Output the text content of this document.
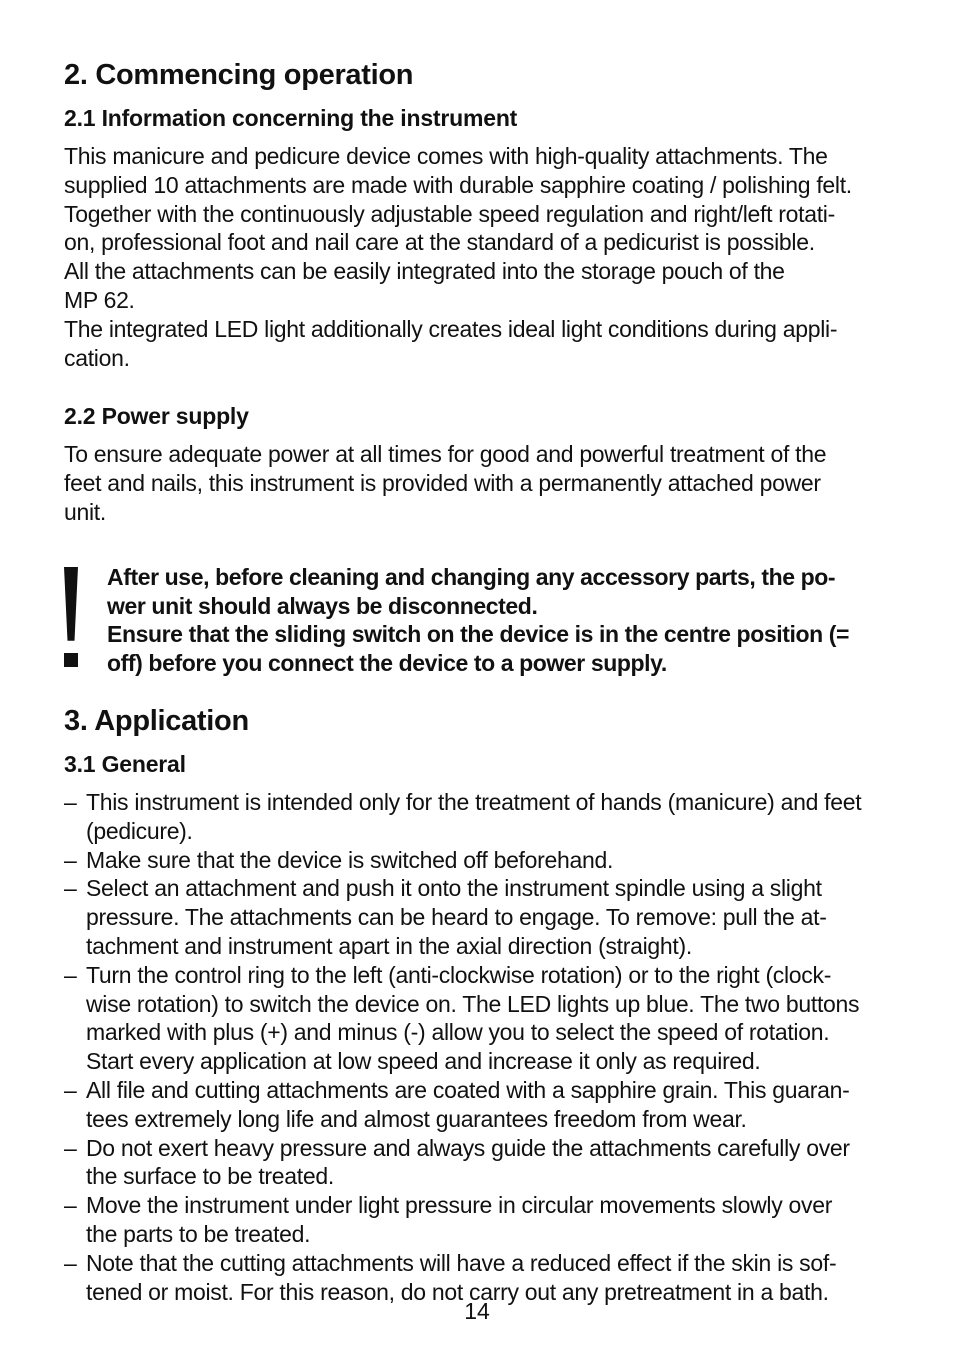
2. Commencing operation
2.1 Information concerning the instrument

This manicure and pedicure device comes with high-quality attachments. The
supplied 10 attachments are made with durable sapphire coating / polishing felt.
Together with the continuously adjustable speed regulation and right/left rotati-
on, professional foot and nail care at the standard of a pedicurist is possible.
All the attachments can be easily integrated into the storage pouch of the
MP 62.
The integrated LED light additionally creates ideal light conditions during appli-
cation.

2.2 Power supply

To ensure adequate power at all times for good and powerful treatment of the
feet and nails, this instrument is provided with a permanently attached power
unit.

After use, before cleaning and changing any accessory parts, the po-
wer unit should always be disconnected.
Ensure that the sliding switch on the device is in the centre position (=
off) before you connect the device to a power supply.

3. Application
3.1 General
– This instrument is intended only for the treatment of hands (manicure) and feet
(pedicure).
– Make sure that the device is switched off beforehand.
– Select an attachment and push it onto the instrument spindle using a slight
pressure. The attachments can be heard to engage. To remove: pull the at-
tachment and instrument apart in the axial direction (straight).
– Turn the control ring to the left (anti-clockwise rotation) or to the right (clock-
wise rotation) to switch the device on. The LED lights up blue. The two buttons
marked with plus (+) and minus (-) allow you to select the speed of rotation.
Start every application at low speed and increase it only as required.
– All file and cutting attachments are coated with a sapphire grain. This guaran-
tees extremely long life and almost guarantees freedom from wear.
– Do not exert heavy pressure and always guide the attachments carefully over
the surface to be treated.
– Move the instrument under light pressure in circular movements slowly over
the parts to be treated.
– Note that the cutting attachments will have a reduced effect if the skin is sof-
tened or moist. For this reason, do not carry out any pretreatment in a bath.
14
